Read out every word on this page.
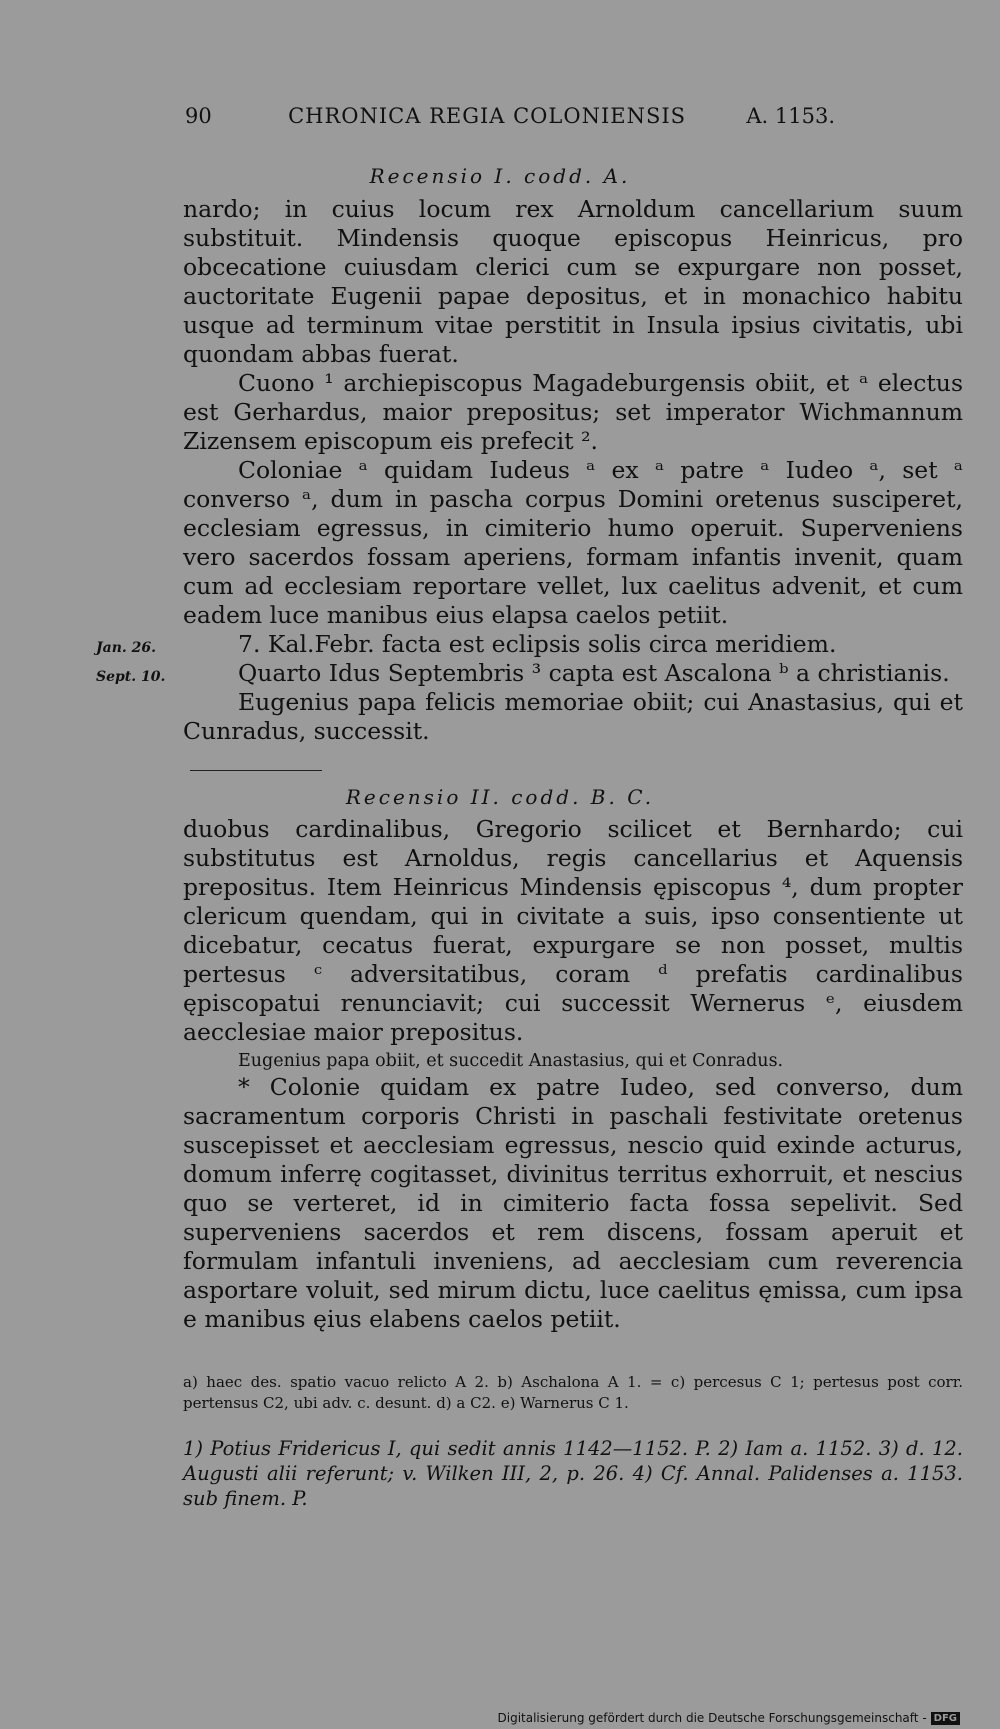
90	CHRONICA REGIA COLONIENSIS	A. 1153.
Recensio I. codd. A.

nardo; in cuius locum rex Arnoldum cancellarium suum substituit. Mindensis quoque episcopus Heinricus, pro obcecatione cuiusdam clerici cum se expurgare non posset, auctoritate Eugenii papae depositus, et in monachico habitu usque ad terminum vitae perstitit in Insula ipsius civitatis, ubi quondam abbas fuerat.

Cuono ¹ archiepiscopus Magadeburgensis obiit, et ᵃ electus est Gerhardus, maior prepositus; set imperator Wichmannum Zizensem episcopum eis prefecit ².

Coloniae ᵃ quidam Iudeus ᵃ ex ᵃ patre ᵃ Iudeo ᵃ, set ᵃ converso ᵃ, dum in pascha corpus Domini oretenus susciperet, ecclesiam egressus, in cimiterio humo operuit. Superveniens vero sacerdos fossam aperiens, formam infantis invenit, quam cum ad ecclesiam reportare vellet, lux caelitus advenit, et cum eadem luce manibus eius elapsa caelos petiit.

7. Kal.Febr. facta est eclipsis solis circa meridiem.

Quarto Idus Septembris ³ capta est Ascalona ᵇ a christianis.

Eugenius papa felicis memoriae obiit; cui Anastasius, qui et Cunradus, successit.

Jan. 26.
Sept. 10.
Recensio II. codd. B. C.

duobus cardinalibus, Gregorio scilicet et Bernhardo; cui substitutus est Arnoldus, regis cancellarius et Aquensis prepositus. Item Heinricus Mindensis ępiscopus ⁴, dum propter clericum quendam, qui in civitate a suis, ipso consentiente ut dicebatur, cecatus fuerat, expurgare se non posset, multis pertesus ᶜ adversitatibus, coram ᵈ prefatis cardinalibus ępiscopatui renunciavit; cui successit Wernerus ᵉ, eiusdem aecclesiae maior prepositus.

Eugenius papa obiit, et succedit Anastasius, qui et Conradus.

* Colonie quidam ex patre Iudeo, sed converso, dum sacramentum corporis Christi in paschali festivitate oretenus suscepisset et aecclesiam egressus, nescio quid exinde acturus, domum inferrę cogitasset, divinitus territus exhorruit, et nescius quo se verteret, id in cimiterio facta fossa sepelivit. Sed superveniens sacerdos et rem discens, fossam aperuit et formulam infantuli inveniens, ad aecclesiam cum reverencia asportare voluit, sed mirum dictu, luce caelitus ęmissa, cum ipsa e manibus ęius elabens caelos petiit.

a) haec des. spatio vacuo relicto A 2. b) Aschalona A 1. = c) percesus C 1; pertesus post corr. pertensus C2, ubi adv. c. desunt. d) a C2. e) Warnerus C 1.
1) Potius Fridericus I, qui sedit annis 1142—1152. P. 2) Iam a. 1152. 3) d. 12. Augusti alii referunt; v. Wilken III, 2, p. 26. 4) Cf. Annal. Palidenses a. 1153. sub finem. P.
Digitalisierung gefördert durch die Deutsche Forschungsgemeinschaft - DFG
